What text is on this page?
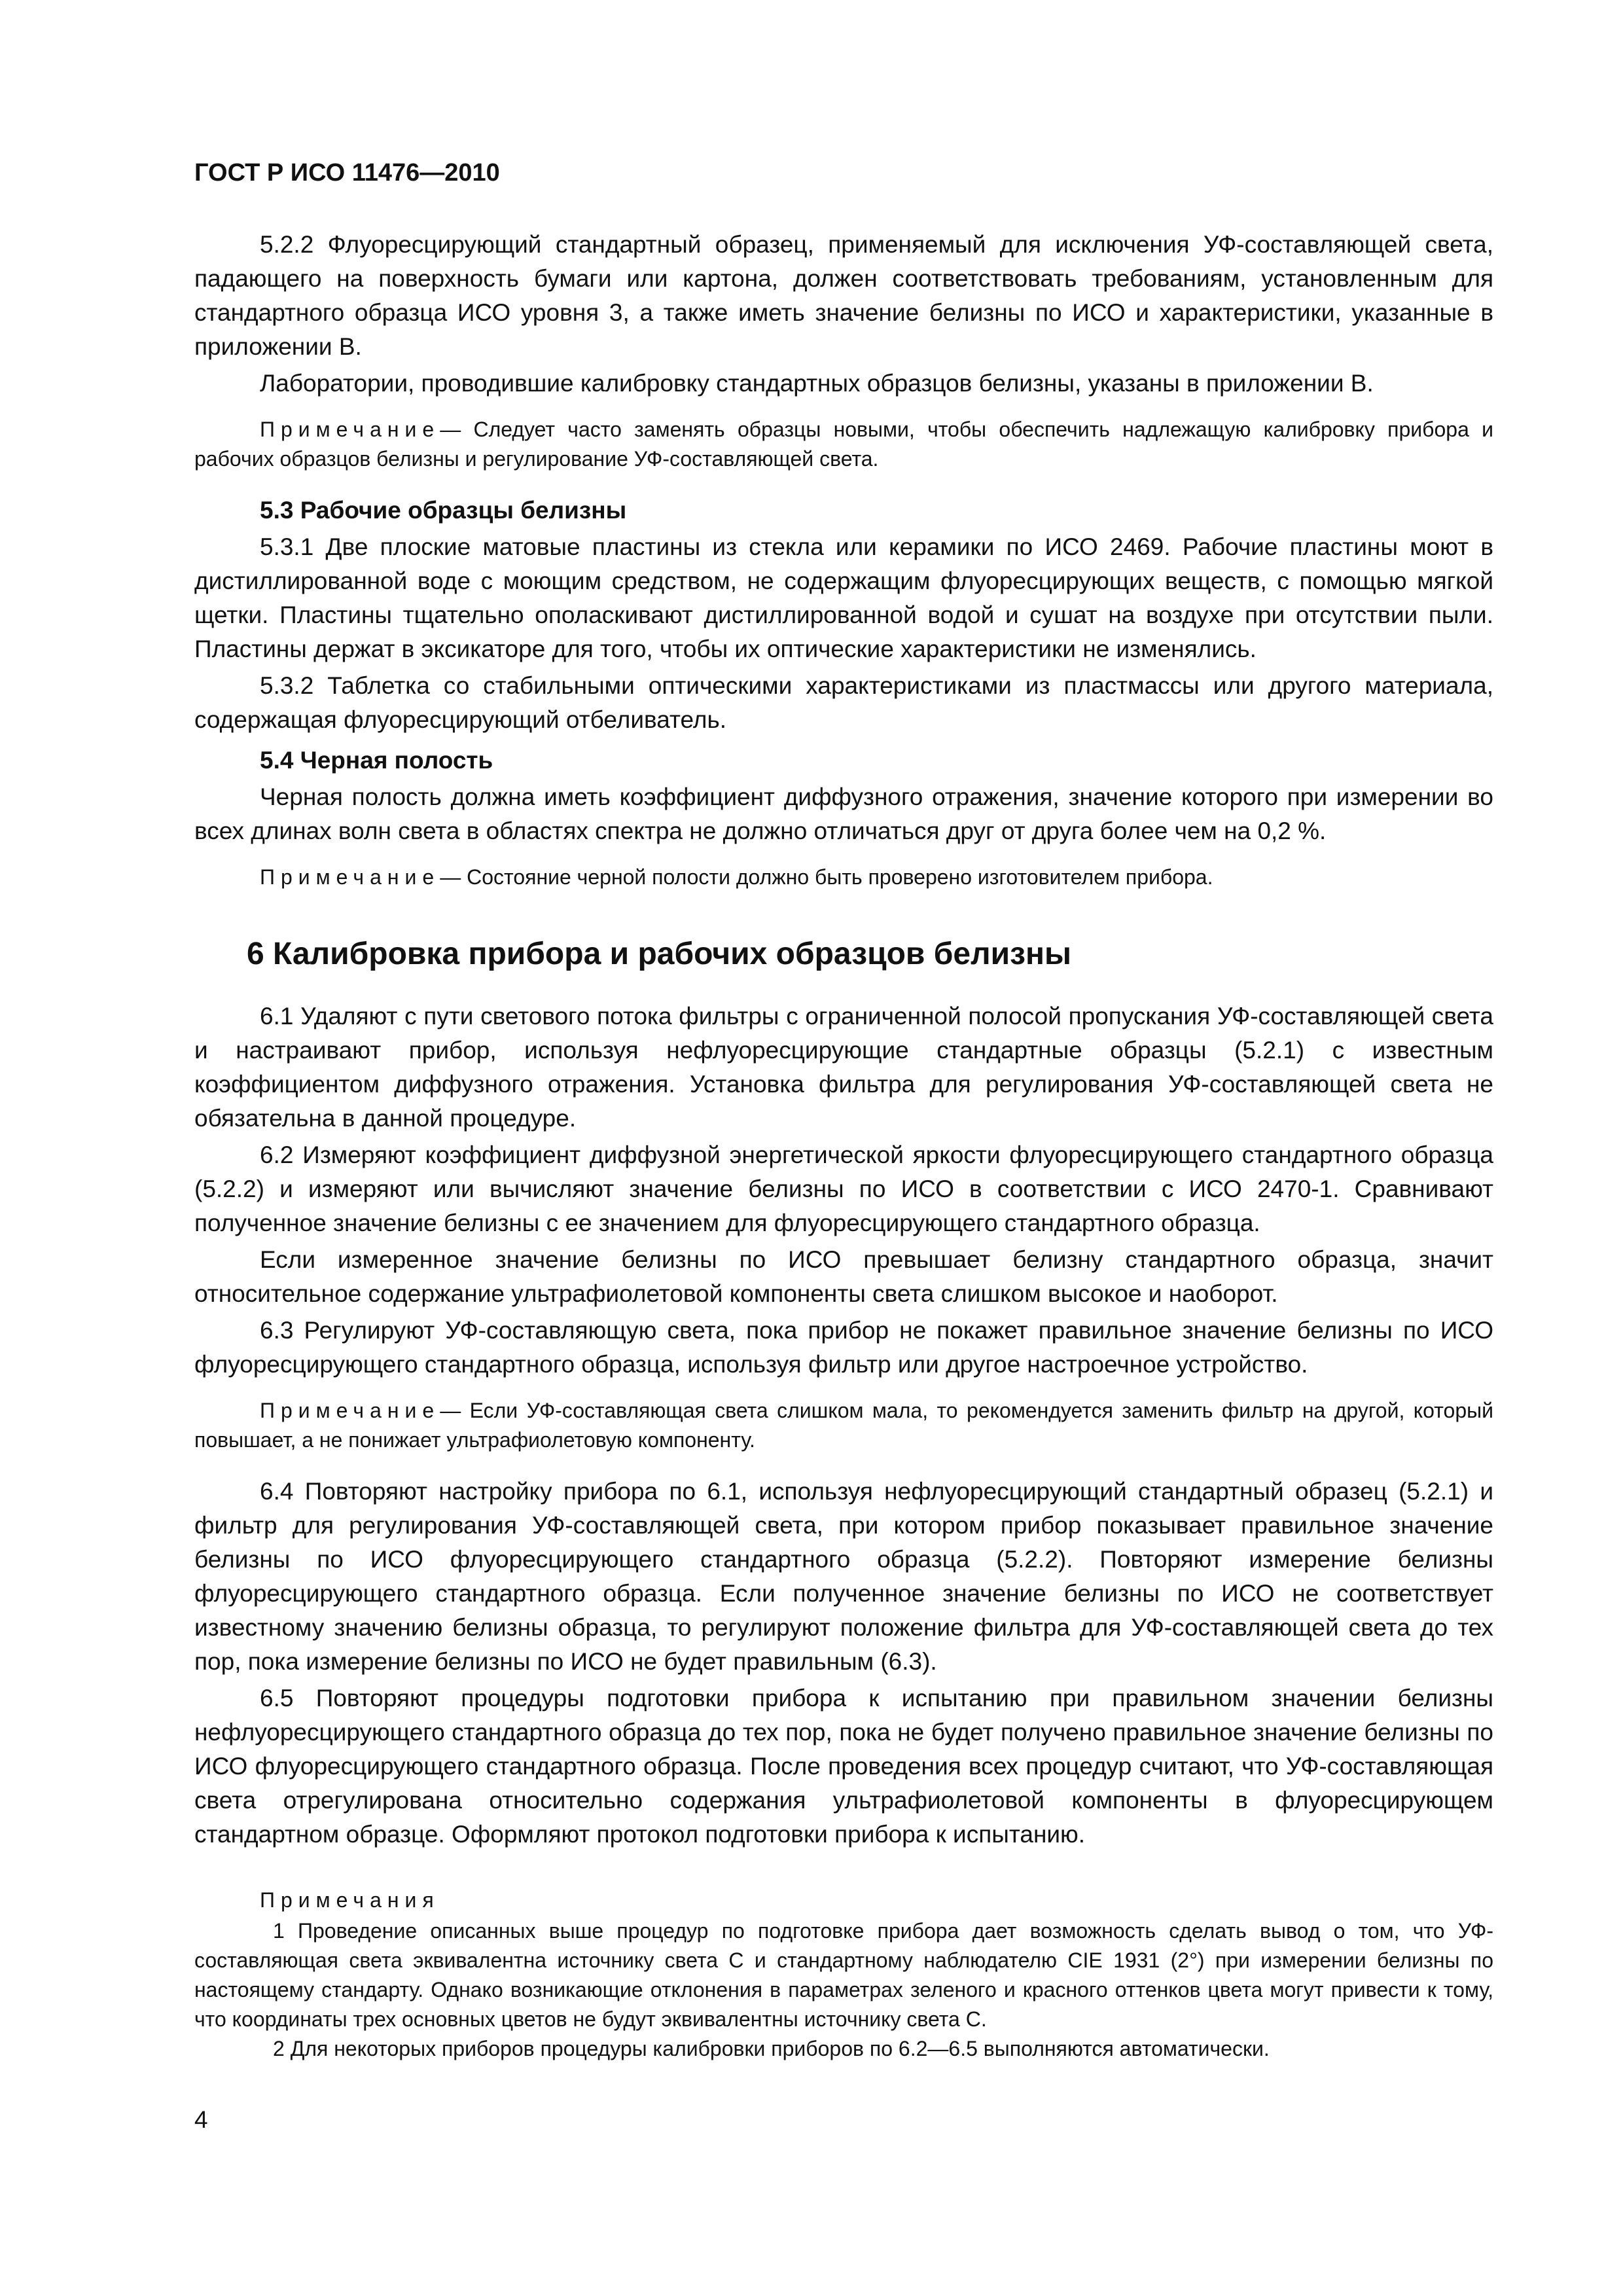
ГОСТ Р ИСО 11476—2010

5.2.2 Флуоресцирующий стандартный образец, применяемый для исключения УФ-составляющей света, падающего на поверхность бумаги или картона, должен соответствовать требованиям, установленным для стандартного образца ИСО уровня 3, а также иметь значение белизны по ИСО и характеристики, указанные в приложении В.

Лаборатории, проводившие калибровку стандартных образцов белизны, указаны в приложении В.

Примечание— Следует часто заменять образцы новыми, чтобы обеспечить надлежащую калибровку прибора и рабочих образцов белизны и регулирование УФ-составляющей света.

5.3 Рабочие образцы белизны

5.3.1 Две плоские матовые пластины из стекла или керамики по ИСО 2469. Рабочие пластины моют в дистиллированной воде с моющим средством, не содержащим флуоресцирующих веществ, с помощью мягкой щетки. Пластины тщательно ополаскивают дистиллированной водой и сушат на воздухе при отсутствии пыли. Пластины держат в эксикаторе для того, чтобы их оптические характеристики не изменялись.

5.3.2 Таблетка со стабильными оптическими характеристиками из пластмассы или другого материала, содержащая флуоресцирующий отбеливатель.

5.4 Черная полость

Черная полость должна иметь коэффициент диффузного отражения, значение которого при измерении во всех длинах волн света в областях спектра не должно отличаться друг от друга более чем на 0,2 %.

Примечание— Состояние черной полости должно быть проверено изготовителем прибора.

6 Калибровка прибора и рабочих образцов белизны

6.1 Удаляют с пути светового потока фильтры с ограниченной полосой пропускания УФ-составляющей света и настраивают прибор, используя нефлуоресцирующие стандартные образцы (5.2.1) с известным коэффициентом диффузного отражения. Установка фильтра для регулирования УФ-составляющей света не обязательна в данной процедуре.

6.2 Измеряют коэффициент диффузной энергетической яркости флуоресцирующего стандартного образца (5.2.2) и измеряют или вычисляют значение белизны по ИСО в соответствии с ИСО 2470-1. Сравнивают полученное значение белизны с ее значением для флуоресцирующего стандартного образца.

Если измеренное значение белизны по ИСО превышает белизну стандартного образца, значит относительное содержание ультрафиолетовой компоненты света слишком высокое и наоборот.

6.3 Регулируют УФ-составляющую света, пока прибор не покажет правильное значение белизны по ИСО флуоресцирующего стандартного образца, используя фильтр или другое настроечное устройство.

Примечание— Если УФ-составляющая света слишком мала, то рекомендуется заменить фильтр на другой, который повышает, а не понижает ультрафиолетовую компоненту.

6.4 Повторяют настройку прибора по 6.1, используя нефлуоресцирующий стандартный образец (5.2.1) и фильтр для регулирования УФ-составляющей света, при котором прибор показывает правильное значение белизны по ИСО флуоресцирующего стандартного образца (5.2.2). Повторяют измерение белизны флуоресцирующего стандартного образца. Если полученное значение белизны по ИСО не соответствует известному значению белизны образца, то регулируют положение фильтра для УФ-составляющей света до тех пор, пока измерение белизны по ИСО не будет правильным (6.3).

6.5 Повторяют процедуры подготовки прибора к испытанию при правильном значении белизны нефлуоресцирующего стандартного образца до тех пор, пока не будет получено правильное значение белизны по ИСО флуоресцирующего стандартного образца. После проведения всех процедур считают, что УФ-составляющая света отрегулирована относительно содержания ультрафиолетовой компоненты в флуоресцирующем стандартном образце. Оформляют протокол подготовки прибора к испытанию.

Примечания

1 Проведение описанных выше процедур по подготовке прибора дает возможность сделать вывод о том, что УФ-составляющая света эквивалентна источнику света С и стандартному наблюдателю CIE 1931 (2°) при измерении белизны по настоящему стандарту. Однако возникающие отклонения в параметрах зеленого и красного оттенков цвета могут привести к тому, что координаты трех основных цветов не будут эквивалентны источнику света С.

2 Для некоторых приборов процедуры калибровки приборов по 6.2—6.5 выполняются автоматически.

4
